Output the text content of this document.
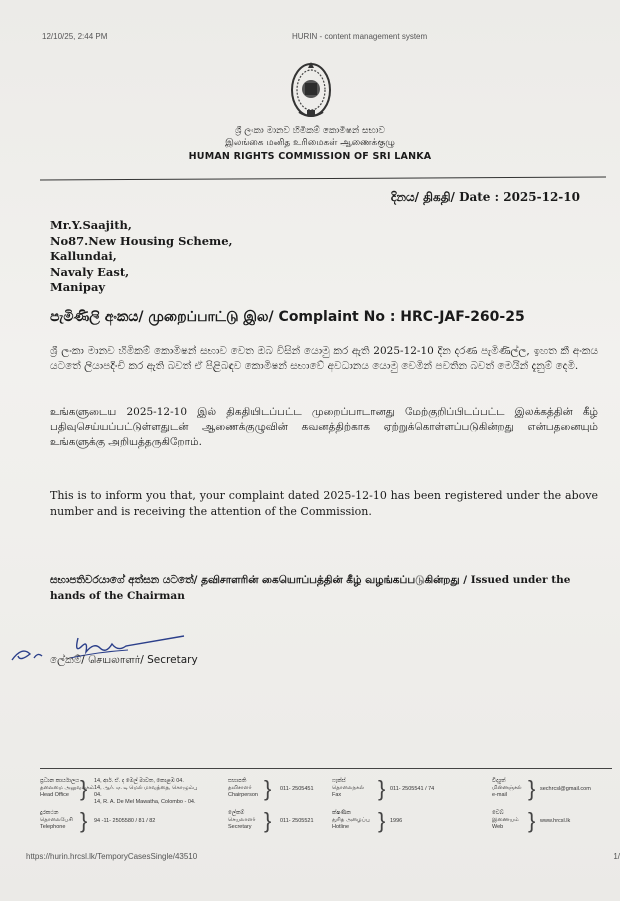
12/10/25, 2:44 PM	HURIN - content management system
ශ්‍රී ලංකා මානව හිමිකම් කොමිෂන් සභාව
இலங்கை மனித உரிமைகள் ஆணைக்குழு
HUMAN RIGHTS COMMISSION OF SRI LANKA
දිනය/ திகதி/ Date : 2025-12-10
Mr.Y.Saajith,
No87.New Housing Scheme,
Kallundai,
Navaly East,
Manipay
පැමිණිලි අංකය/ முறைப்பாட்டு இல/ Complaint No : HRC-JAF-260-25
ශ්‍රී ලංකා මානව හිමිකම් කොමිෂන් සභාව වෙත ඔබ විසින් යොමු කර ඇති 2025-12-10 දින දරණ පැමිණිල්ල, ඉහත කී අංකය යටතේ ලියාපදිංචි කර ඇති බවත් ඒ පිළිබඳව කොමිෂන් සභාවේ අවධානය යොමු වෙමින් පවතින බවත් මෙයින් දැනුම් දෙමි.
உங்களுடைய 2025-12-10 இல் திகதியிடப்பட்ட முறைப்பாடானது மேற்குறிப்பிடப்பட்ட இலக்கத்தின் கீழ் பதிவுசெய்யப்பட்டுள்ளதுடன் ஆணைக்குழுவின் கவனத்திற்காக ஏற்றுக்கொள்ளப்படுகின்றது என்பதனையும் உங்களுக்கு அறியத்தருகிறோம்.
This is to inform you that, your complaint dated 2025-12-10 has been registered under the above number and is receiving the attention of the Commission.
සභාපතිවරයාගේ අත්සන යටතේ/ தவிசாளரின் கையொப்பத்தின் கீழ் வழங்கப்படுகின்றது / Issued under the hands of the Chairman
ලේකම්/ செயலாளர்/ Secretary
ප්‍රධාන කාර්යාලය
தலைமை அலுவலகம்
Head Office } 14, ආර්. ඒ. ද මෙල් මාවත, කොළඹ 04.
14, ஆர். ஏ. டி மெல் மாவத்தை, கொழும்பு 04.
14, R. A. De Mel Mawatha, Colombo - 04.
දුරකථන
தொலைபேசி
Telephone } 94 -11- 2505580 / 81 / 82
සභාපති
தவிசாளர்
Chairperson } 011- 2505451
ලේකම්
செயலாளர்
Secretary } 011- 2505521
ෆැක්ස්
தொலைநகல்
Fax	} 011- 2505541 / 74
ක්ෂණික
துரித அழைப்பு
Hotline	} 1996
විද්‍යුත්
மின்னஞ்சல்
e-mail } sechrcsl@gmail.com
වෙබ්
இணையம்
Web	} www.hrcsl.lk
https://hurin.hrcsl.lk/TemporyCasesSingle/43510	1/
